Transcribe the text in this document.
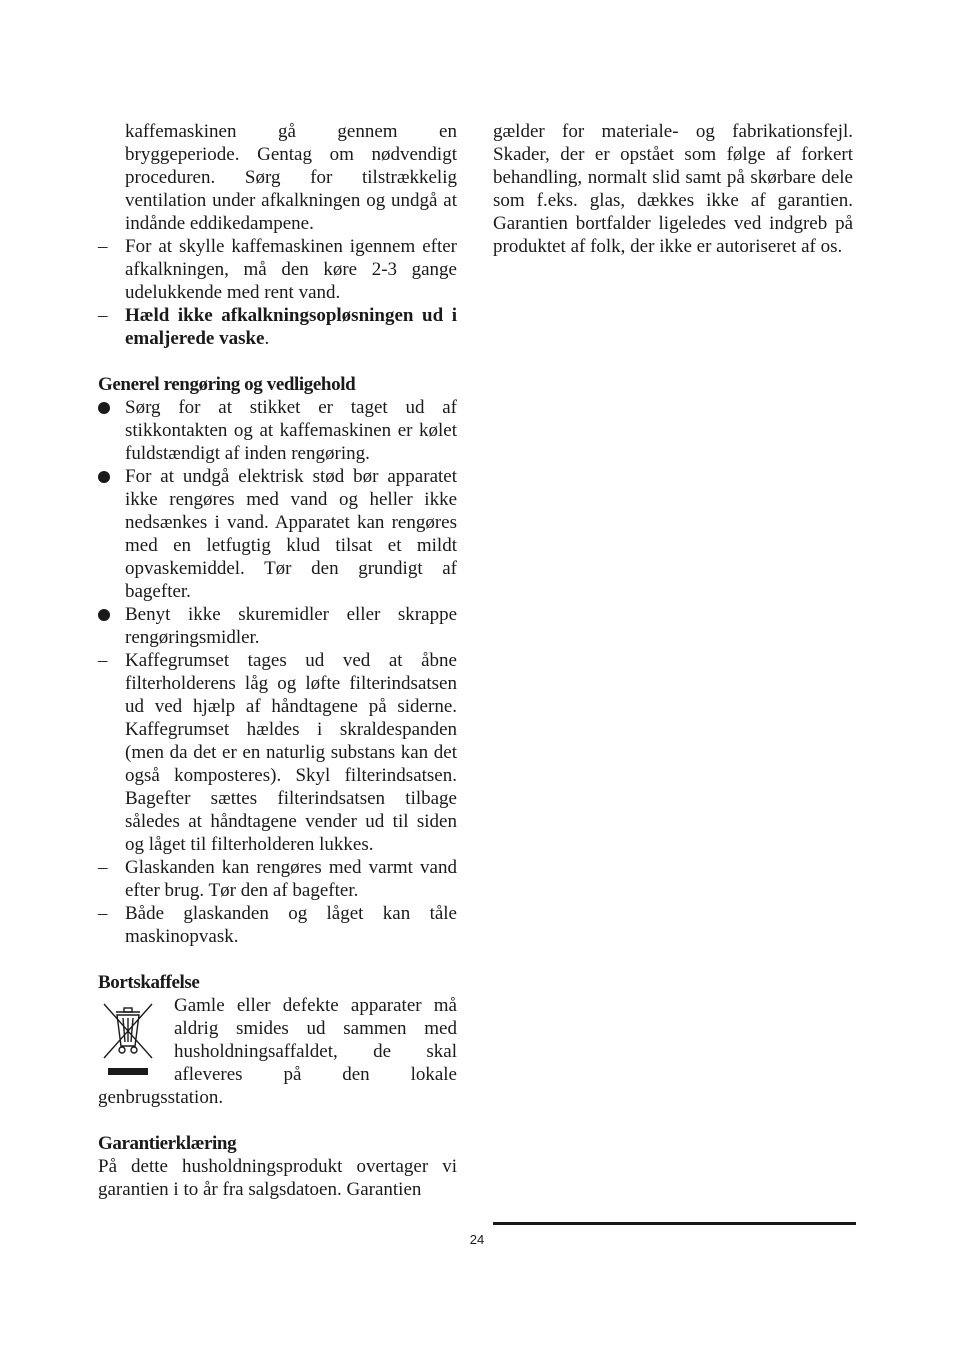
kaffemaskinen gå gennem en bryggeperiode. Gentag om nødvendigt proceduren. Sørg for tilstrækkelig ventilation under afkalkningen og undgå at indånde eddikedampene.

– For at skylle kaffemaskinen igennem efter afkalkningen, må den køre 2-3 gange udelukkende med rent vand.
– Hæld ikke afkalkningsopløsningen ud i emaljerede vaske.

Generel rengøring og vedligehold

Sørg for at stikket er taget ud af stikkontakten og at kaffemaskinen er kølet fuldstændigt af inden rengøring.
For at undgå elektrisk stød bør apparatet ikke rengøres med vand og heller ikke nedsænkes i vand. Apparatet kan rengøres med en letfugtig klud tilsat et mildt opvaskemiddel. Tør den grundigt af bagefter.
Benyt ikke skuremidler eller skrappe rengøringsmidler.
– Kaffegrumset tages ud ved at åbne filterholderens låg og løfte filterindsatsen ud ved hjælp af håndtagene på siderne. Kaffegrumset hældes i skraldespanden (men da det er en naturlig substans kan det også komposteres). Skyl filterindsatsen. Bagefter sættes filterindsatsen tilbage således at håndtagene vender ud til siden og låget til filterholderen lukkes.
– Glaskanden kan rengøres med varmt vand efter brug. Tør den af bagefter.
– Både glaskanden og låget kan tåle maskinopvask.

Bortskaffelse

Gamle eller defekte apparater må aldrig smides ud sammen med husholdningsaffaldet, de skal afleveres på den lokale genbrugsstation.

Garantierklæring

På dette husholdningsprodukt overtager vi garantien i to år fra salgsdatoen. Garantien

gælder for materiale- og fabrikationsfejl. Skader, der er opstået som følge af forkert behandling, normalt slid samt på skørbare dele som f.eks. glas, dækkes ikke af garantien. Garantien bortfalder ligeledes ved indgreb på produktet af folk, der ikke er autoriseret af os.

24
